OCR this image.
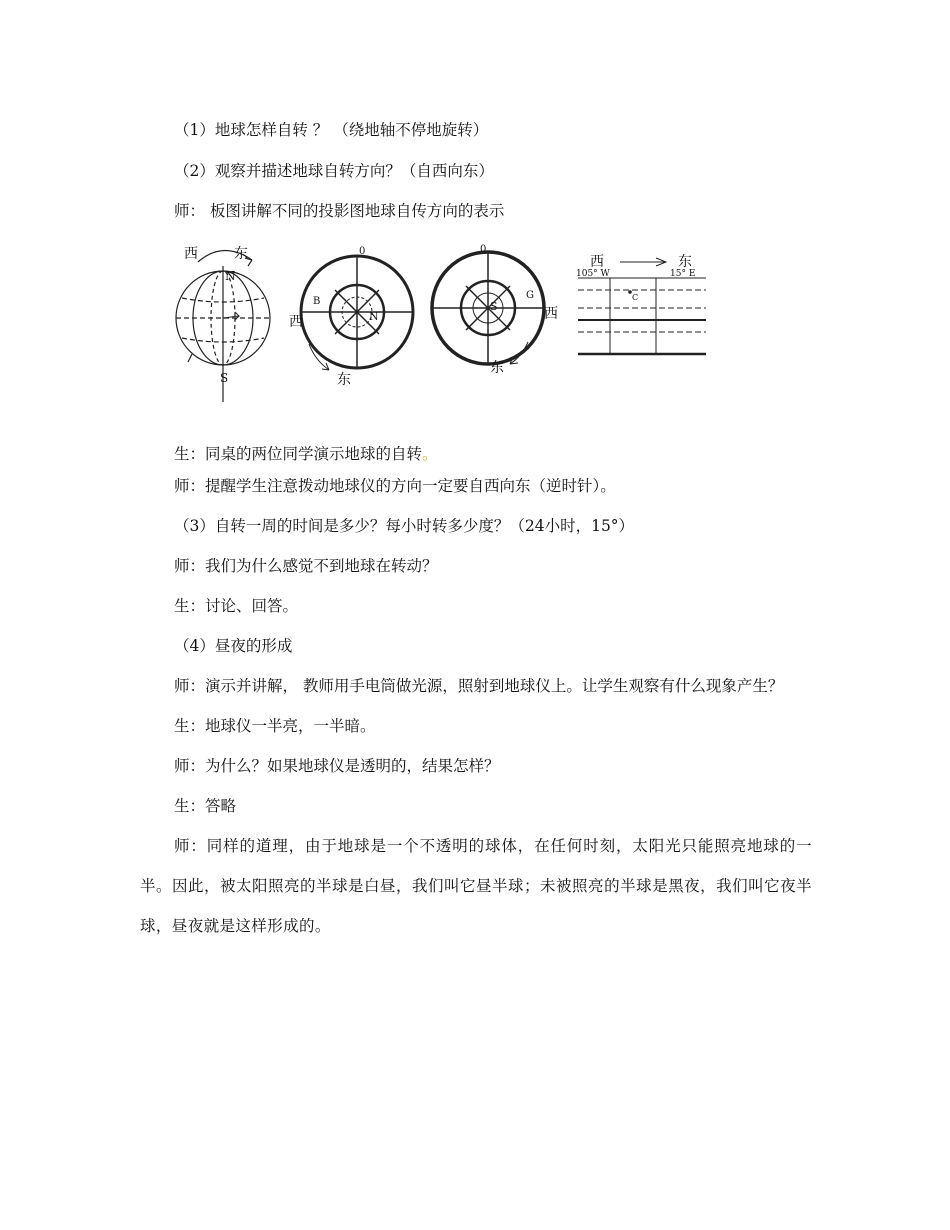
（1）地球怎样自转 ？ （绕地轴不停地旋转）
（2）观察并描述地球自转方向？（自西向东）
师： 板图讲解不同的投影图地球自传方向的表示
西	东
N
S
0
B
N
西
东
0
G
S	西
东
西	东
105° W	15° E
C
生：同桌的两位同学演示地球的自转。
师：提醒学生注意拨动地球仪的方向一定要自西向东（逆时针）。
（3）自转一周的时间是多少？每小时转多少度？（24小时，15°）
师：我们为什么感觉不到地球在转动？
生：讨论、回答。
（4）昼夜的形成
师：演示并讲解， 教师用手电筒做光源，照射到地球仪上。让学生观察有什么现象产生？
生：地球仪一半亮，一半暗。
师：为什么？如果地球仪是透明的，结果怎样？
生：答略
师：同样的道理，由于地球是一个不透明的球体，在任何时刻，太阳光只能照亮地球的一半。因此，被太阳照亮的半球是白昼，我们叫它昼半球；未被照亮的半球是黑夜，我们叫它夜半球，昼夜就是这样形成的。
